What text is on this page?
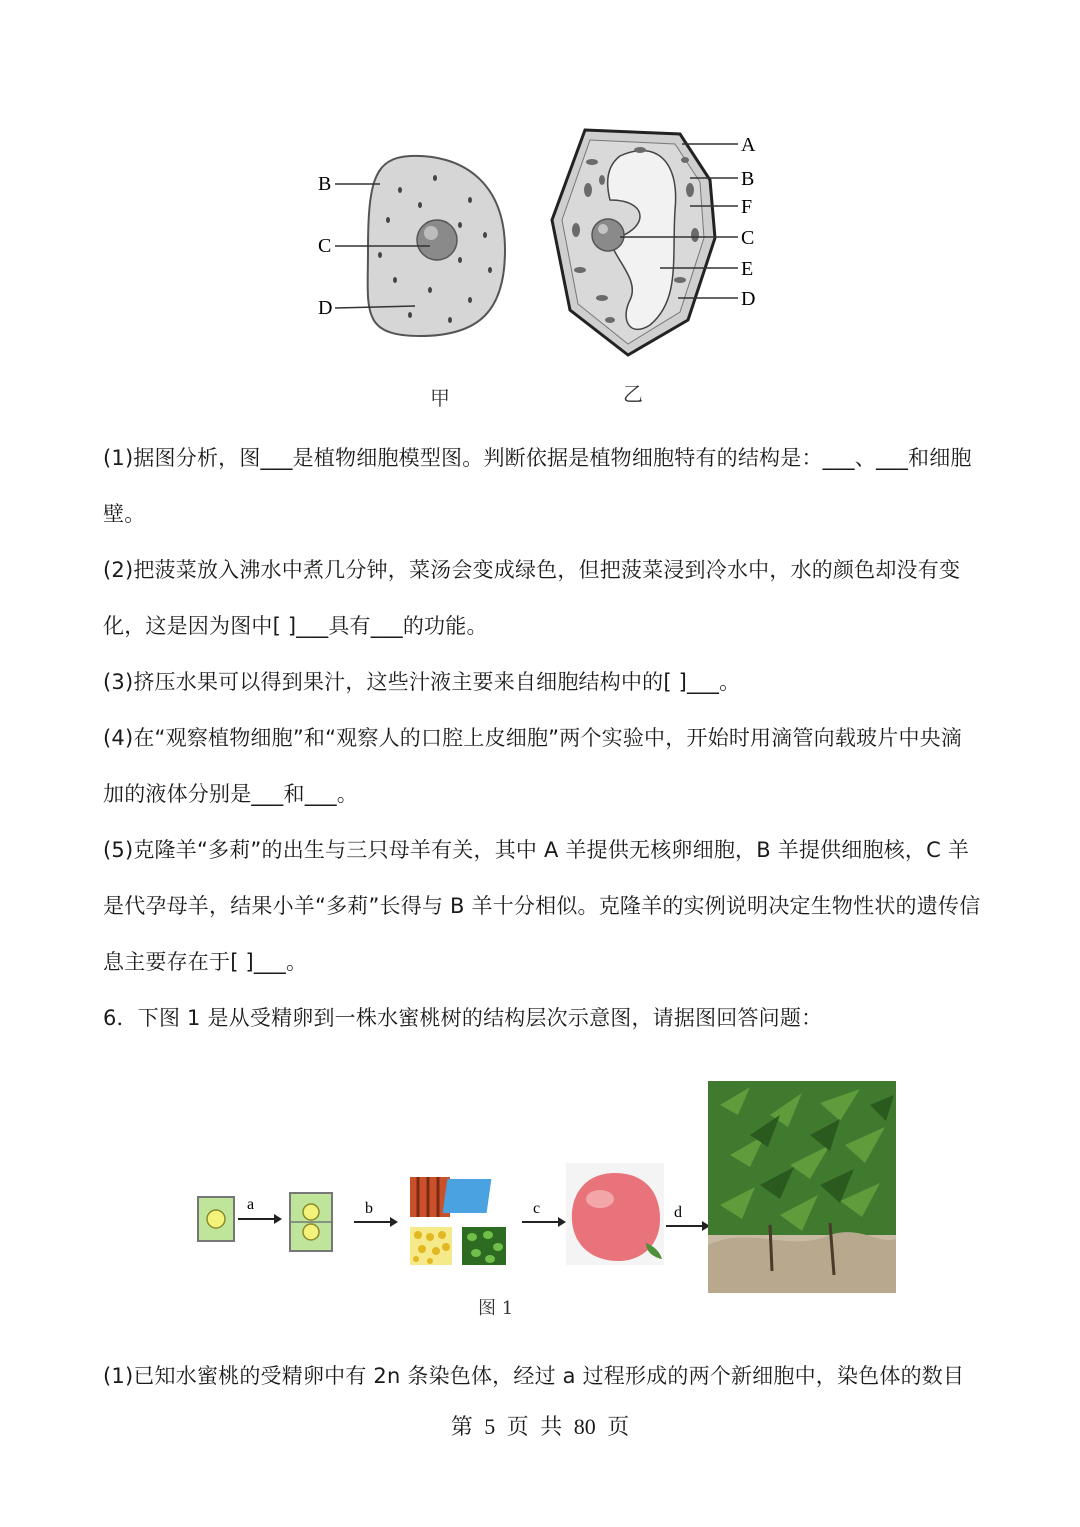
B
C
D
A
B
F
C
E
D
甲	乙

(1)据图分析，图___是植物细胞模型图。判断依据是植物细胞特有的结构是：___、___和细胞壁。

(2)把菠菜放入沸水中煮几分钟，菜汤会变成绿色，但把菠菜浸到冷水中，水的颜色却没有变化，这是因为图中[ ]___具有___的功能。

(3)挤压水果可以得到果汁，这些汁液主要来自细胞结构中的[ ]___。

(4)在“观察植物细胞”和“观察人的口腔上皮细胞”两个实验中，开始时用滴管向载玻片中央滴加的液体分别是___和___。

(5)克隆羊“多莉”的出生与三只母羊有关，其中 A 羊提供无核卵细胞，B 羊提供细胞核，C 羊是代孕母羊，结果小羊“多莉”长得与 B 羊十分相似。克隆羊的实例说明决定生物性状的遗传信息主要存在于[ ]___。

6．下图 1 是从受精卵到一株水蜜桃树的结构层次示意图，请据图回答问题：

a	b	c	d
图 1

(1)已知水蜜桃的受精卵中有 2n 条染色体，经过 a 过程形成的两个新细胞中，染色体的数目

第 5 页 共 80 页
